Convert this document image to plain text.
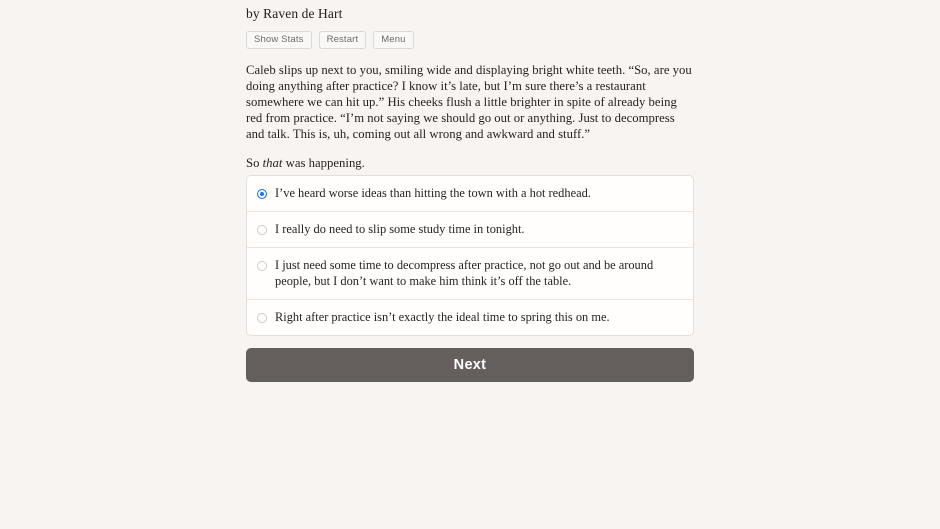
by Raven de Hart
Show Stats	Restart	Menu

Caleb slips up next to you, smiling wide and displaying bright white teeth. “So, are you doing anything after practice? I know it’s late, but I’m sure there’s a restaurant somewhere we can hit up.” His cheeks flush a little brighter in spite of already being red from practice. “I’m not saying we should go out or anything. Just to decompress and talk. This is, uh, coming out all wrong and awkward and stuff.”

So that was happening.

I’ve heard worse ideas than hitting the town with a hot redhead.
I really do need to slip some study time in tonight.
I just need some time to decompress after practice, not go out and be around people, but I don’t want to make him think it’s off the table.
Right after practice isn’t exactly the ideal time to spring this on me.
Next
